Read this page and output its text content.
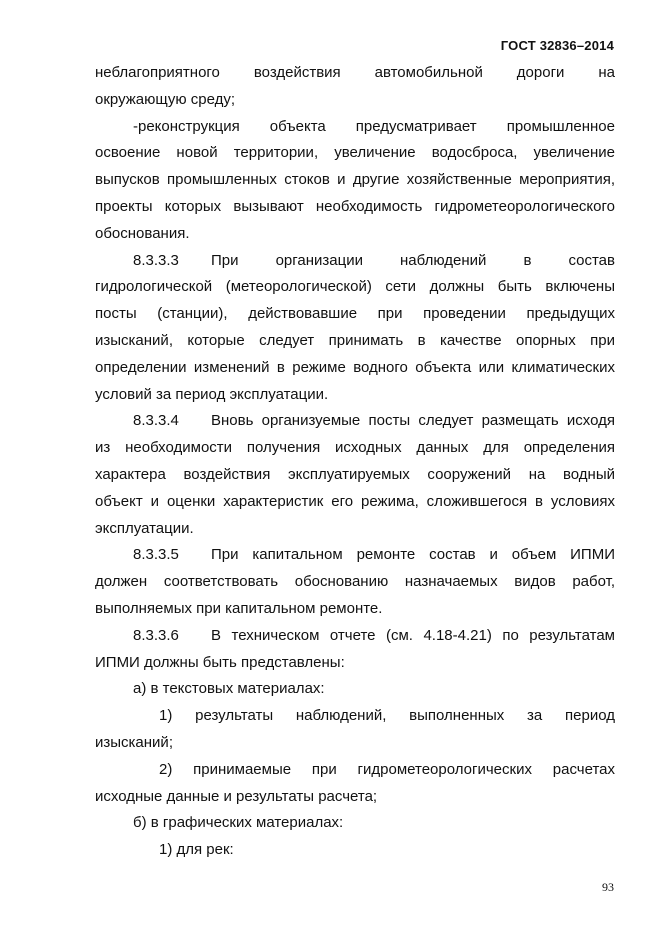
ГОСТ 32836–2014
неблагоприятного воздействия автомобильной дороги на
окружающую среду;
-реконструкция объекта предусматривает промышленное
освоение новой территории, увеличение водосброса, увеличение
выпусков промышленных стоков и другие хозяйственные мероприятия,
проекты которых вызывают необходимость гидрометеорологического
обоснования.
8.3.3.3 При организации наблюдений в состав
гидрологической (метеорологической) сети должны быть включены
посты (станции), действовавшие при проведении предыдущих
изысканий, которые следует принимать в качестве опорных при
определении изменений в режиме водного объекта или климатических
условий за период эксплуатации.
8.3.3.4 Вновь организуемые посты следует размещать исходя
из необходимости получения исходных данных для определения
характера воздействия эксплуатируемых сооружений на водный
объект и оценки характеристик его режима, сложившегося в условиях
эксплуатации.
8.3.3.5 При капитальном ремонте состав и объем ИПМИ
должен соответствовать обоснованию назначаемых видов работ,
выполняемых при капитальном ремонте.
8.3.3.6 В техническом отчете (см. 4.18-4.21) по результатам
ИПМИ должны быть представлены:
а) в текстовых материалах:
1) результаты наблюдений, выполненных за период
изысканий;
2) принимаемые при гидрометеорологических расчетах
исходные данные и результаты расчета;
б) в графических материалах:
1) для рек:
93
